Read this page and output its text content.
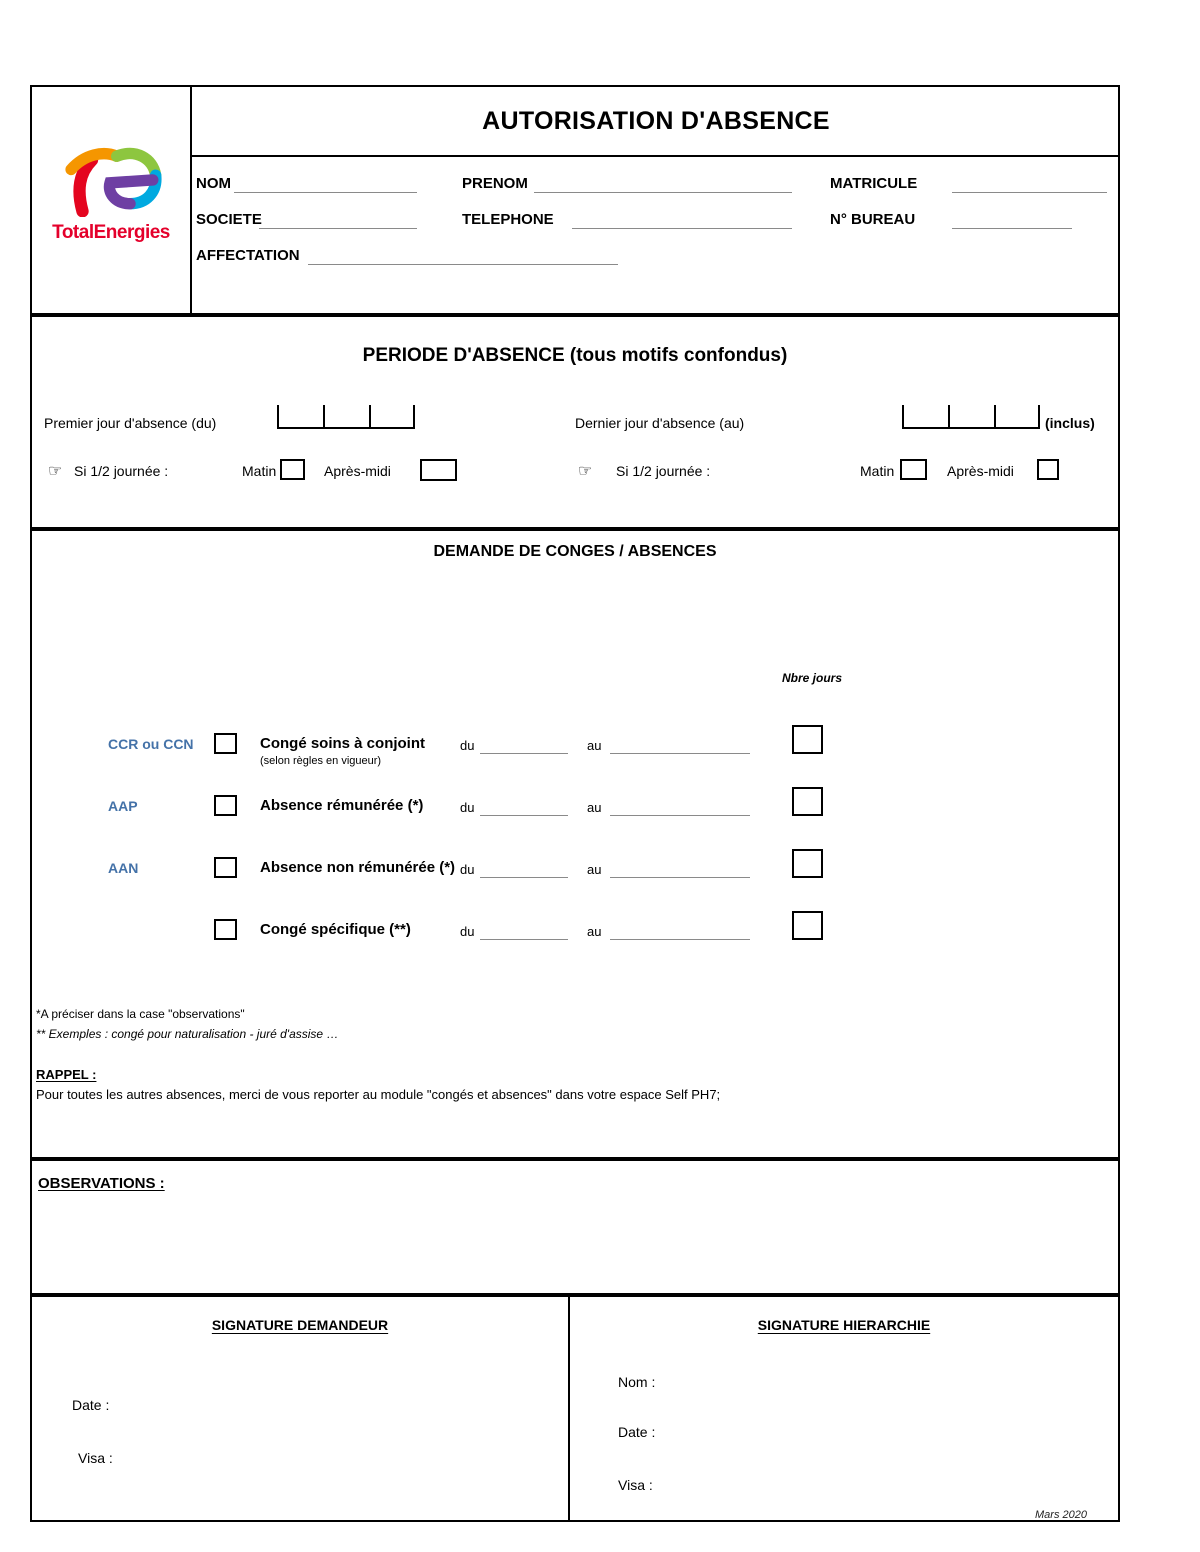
TotalEnergies
AUTORISATION D'ABSENCE
NOM	PRENOM	MATRICULE
SOCIETE	TELEPHONE	N° BUREAU
AFFECTATION
PERIODE D'ABSENCE (tous motifs confondus)
Premier jour d'absence (du)	Dernier jour d'absence (au)	(inclus)
☞ Si 1/2 journée :	Matin	Après-midi	☞ Si 1/2 journée :	Matin	Après-midi
DEMANDE DE CONGES / ABSENCES
Nbre jours
CCR ou CCN	Congé soins à conjoint
(selon règles en vigueur)
du	au
AAP	Absence rémunérée (*)	du	au
AAN	Absence non rémunérée (*) du	au
Congé spécifique (**)	du	au
*A préciser dans la case "observations"
** Exemples : congé pour naturalisation - juré d'assise …
RAPPEL :
Pour toutes les autres absences, merci de vous reporter au module "congés et absences" dans votre espace Self PH7;
OBSERVATIONS :
SIGNATURE DEMANDEUR
Date :
Visa :
SIGNATURE HIERARCHIE
Nom :
Date :
Visa :
Mars 2020
